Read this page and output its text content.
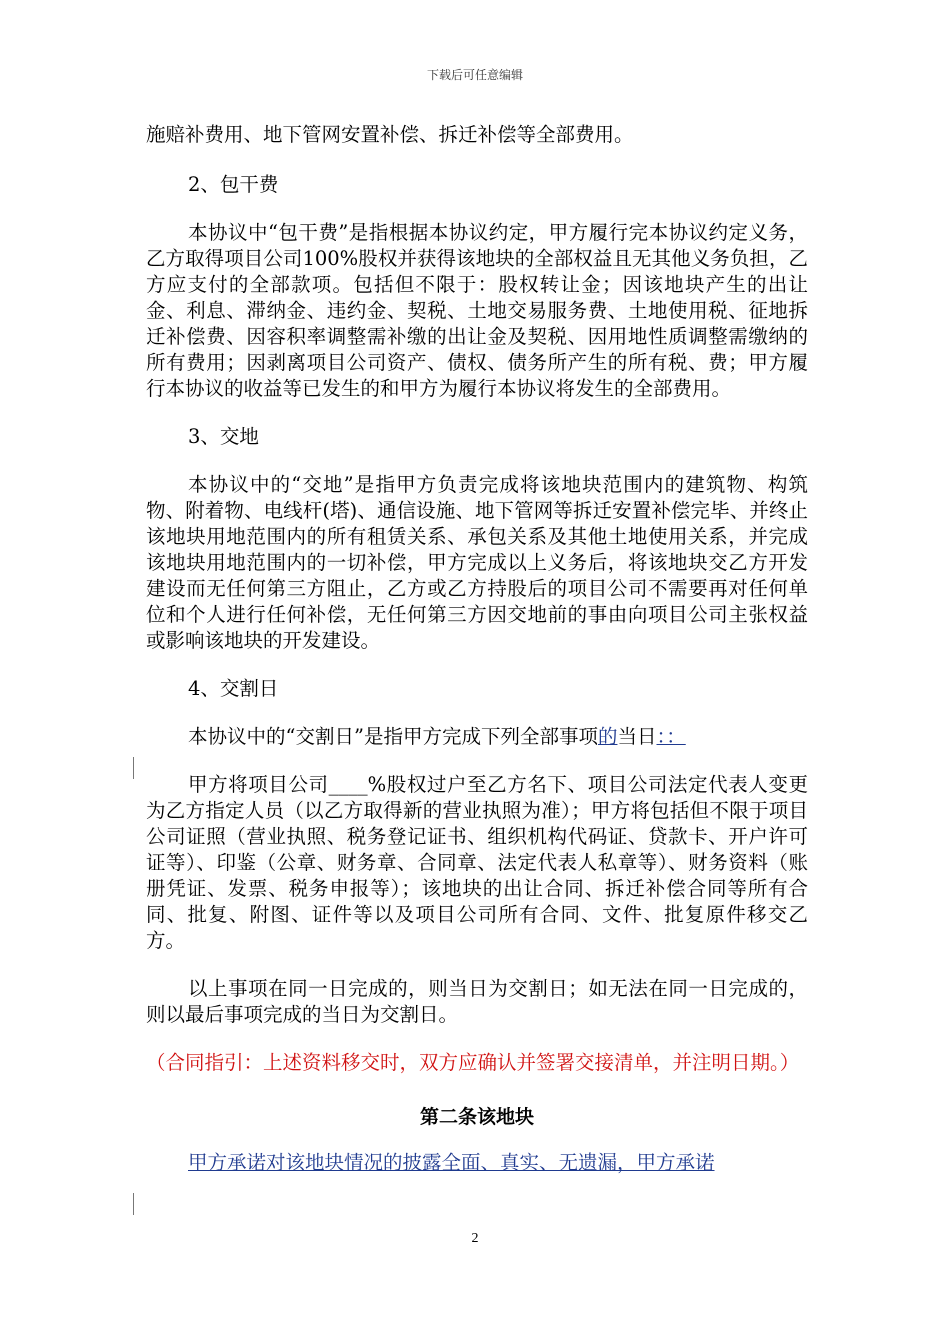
下载后可任意编辑

施赔补费用、地下管网安置补偿、拆迁补偿等全部费用。

2、包干费

本协议中“包干费”是指根据本协议约定，甲方履行完本协议约定义务，乙方取得项目公司100%股权并获得该地块的全部权益且无其他义务负担，乙方应支付的全部款项。包括但不限于：股权转让金；因该地块产生的出让金、利息、滞纳金、违约金、契税、土地交易服务费、土地使用税、征地拆迁补偿费、因容积率调整需补缴的出让金及契税、因用地性质调整需缴纳的所有费用；因剥离项目公司资产、债权、债务所产生的所有税、费；甲方履行本协议的收益等已发生的和甲方为履行本协议将发生的全部费用。

3、交地

本协议中的“交地”是指甲方负责完成将该地块范围内的建筑物、构筑物、附着物、电线杆(塔)、通信设施、地下管网等拆迁安置补偿完毕、并终止该地块用地范围内的所有租赁关系、承包关系及其他土地使用关系，并完成该地块用地范围内的一切补偿，甲方完成以上义务后，将该地块交乙方开发建设而无任何第三方阻止，乙方或乙方持股后的项目公司不需要再对任何单位和个人进行任何补偿，无任何第三方因交地前的事由向项目公司主张权益或影响该地块的开发建设。

4、交割日

本协议中的“交割日”是指甲方完成下列全部事项的当日：：

甲方将项目公司____%股权过户至乙方名下、项目公司法定代表人变更为乙方指定人员（以乙方取得新的营业执照为准）；甲方将包括但不限于项目公司证照（营业执照、税务登记证书、组织机构代码证、贷款卡、开户许可证等）、印鉴（公章、财务章、合同章、法定代表人私章等）、财务资料（账册凭证、发票、税务申报等）；该地块的出让合同、拆迁补偿合同等所有合同、批复、附图、证件等以及项目公司所有合同、文件、批复原件移交乙方。

以上事项在同一日完成的，则当日为交割日；如无法在同一日完成的，则以最后事项完成的当日为交割日。

（合同指引：上述资料移交时，双方应确认并签署交接清单，并注明日期。）

第二条该地块

甲方承诺对该地块情况的披露全面、真实、无遗漏，甲方承诺

2
